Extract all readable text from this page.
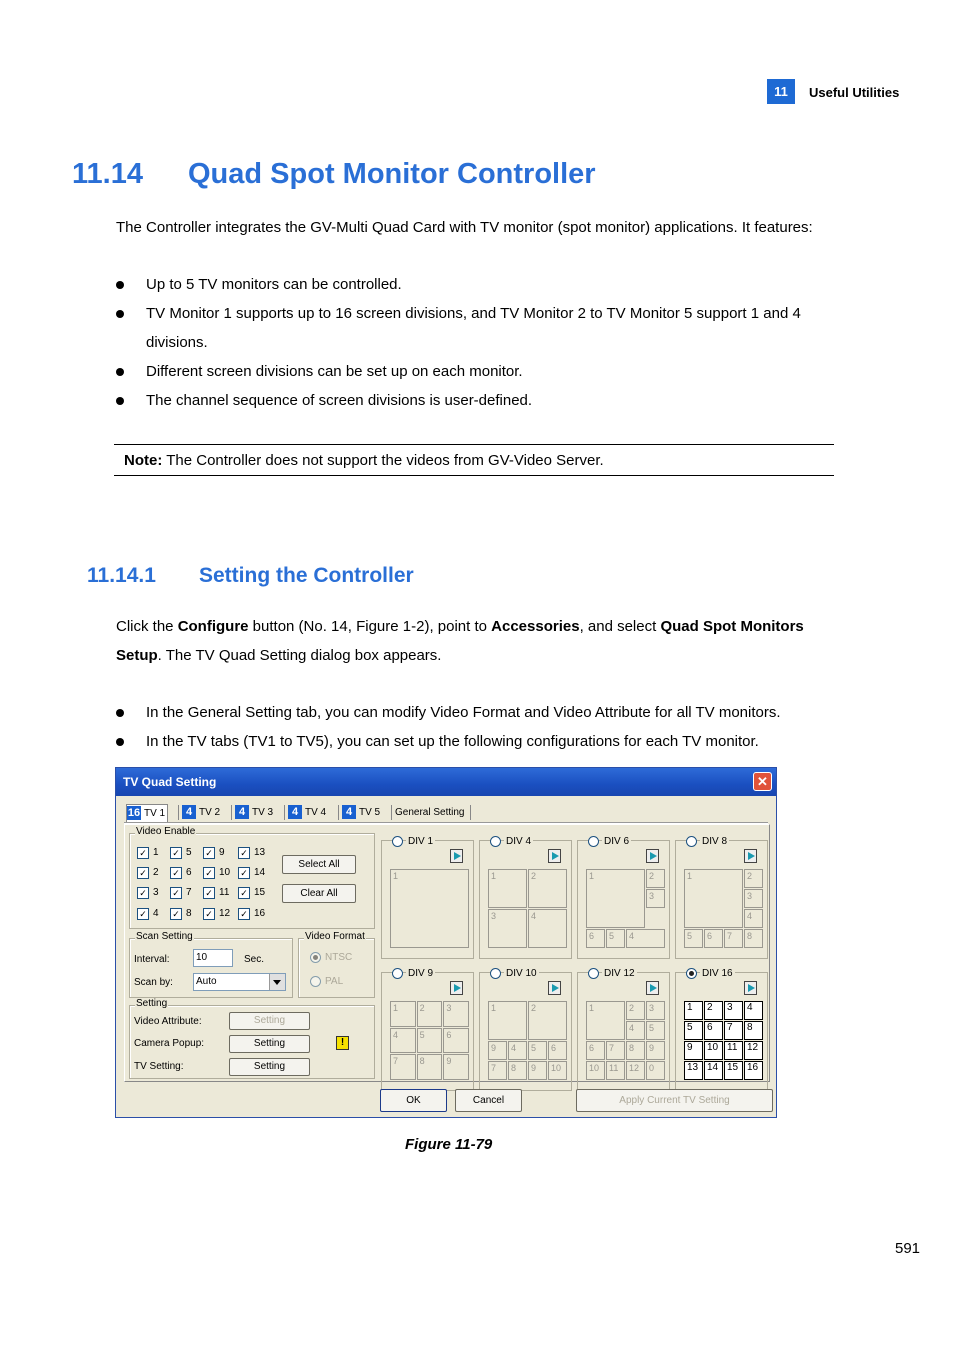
11	Useful Utilities
11.14 Quad Spot Monitor Controller
The Controller integrates the GV-Multi Quad Card with TV monitor (spot monitor) applications. It features:
Up to 5 TV monitors can be controlled.
TV Monitor 1 supports up to 16 screen divisions, and TV Monitor 2 to TV Monitor 5 support 1 and 4 divisions.
Different screen divisions can be set up on each monitor.
The channel sequence of screen divisions is user-defined.
Note: The Controller does not support the videos from GV-Video Server.
11.14.1 Setting the Controller
Click the Configure button (No. 14, Figure 1-2), point to Accessories, and select Quad Spot Monitors Setup. The TV Quad Setting dialog box appears.
In the General Setting tab, you can modify Video Format and Video Attribute for all TV monitors.
In the TV tabs (TV1 to TV5), you can set up the following configurations for each TV monitor.
TV Quad Setting	✕
16 TV 1	4 TV 2	4 TV 3	4 TV 4	4 TV 5 General Setting
Video Enable
✓ 1 ✓ 5 ✓ 9 ✓ 13
✓ 2 ✓ 6 ✓ 10 ✓ 14
✓ 3 ✓ 7 ✓ 11 ✓ 15
✓ 4 ✓ 8 ✓ 12 ✓ 16
Select All
Clear All
Scan Setting
Interval:	10	Sec.
Scan by:	Auto
Video Format
NTSC
PAL
Setting
Video Attribute:	Setting
Camera Popup:	Setting	!
TV Setting:	Setting
DIV 1
1
DIV 4
1	2
3	4
DIV 6
1	2
3
6	5	4
DIV 8
1	2
3
4
8
7
6
5
DIV 9
1	2	3
4	5	6
7	8	9
DIV 10
1	2
9	4	5	6
7	8	9	10
DIV 12
1	2	3
4	5
6	7	8	9
10	11	12	0
DIV 16
1	2	3	4
5	6	7	8
9	10 11 12
13 14 15 16
OK	Cancel	Apply Current TV Setting
Figure 11-79
591
